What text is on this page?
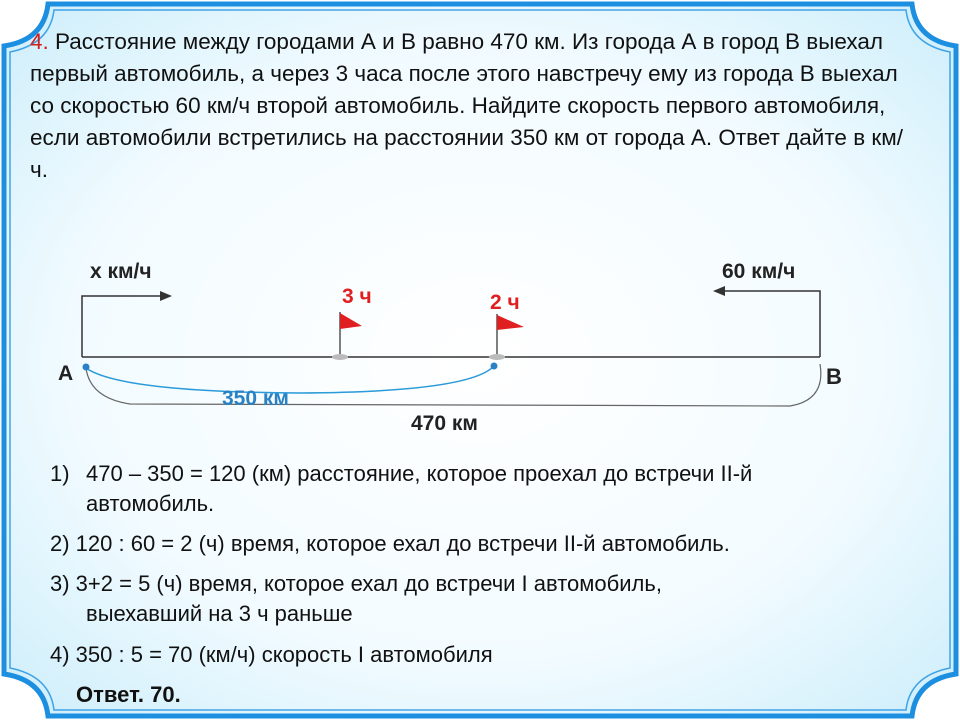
4. Расстояние между городами А и В равно 470 км. Из города А в город В выехал первый автомобиль, а через 3 часа после этого навстречу ему из города В выехал со скоростью 60 км/ч второй автомобиль. Найдите скорость первого автомобиля, если автомобили встретились на расстоянии 350 км от города А. Ответ дайте в км/ч.
x км/ч	60 км/ч
3 ч	2 ч
А	В
350 км
470 км
1) 470 – 350 = 120 (км) расстояние, которое проехал до встречи II-й
автомобиль.
2) 120 : 60 = 2 (ч) время, которое ехал до встречи II-й автомобиль.
3) 3+2 = 5 (ч) время, которое ехал до встречи I автомобиль,
выехавший на 3 ч раньше
4) 350 : 5 = 70 (км/ч) скорость I автомобиля
Ответ. 70.
